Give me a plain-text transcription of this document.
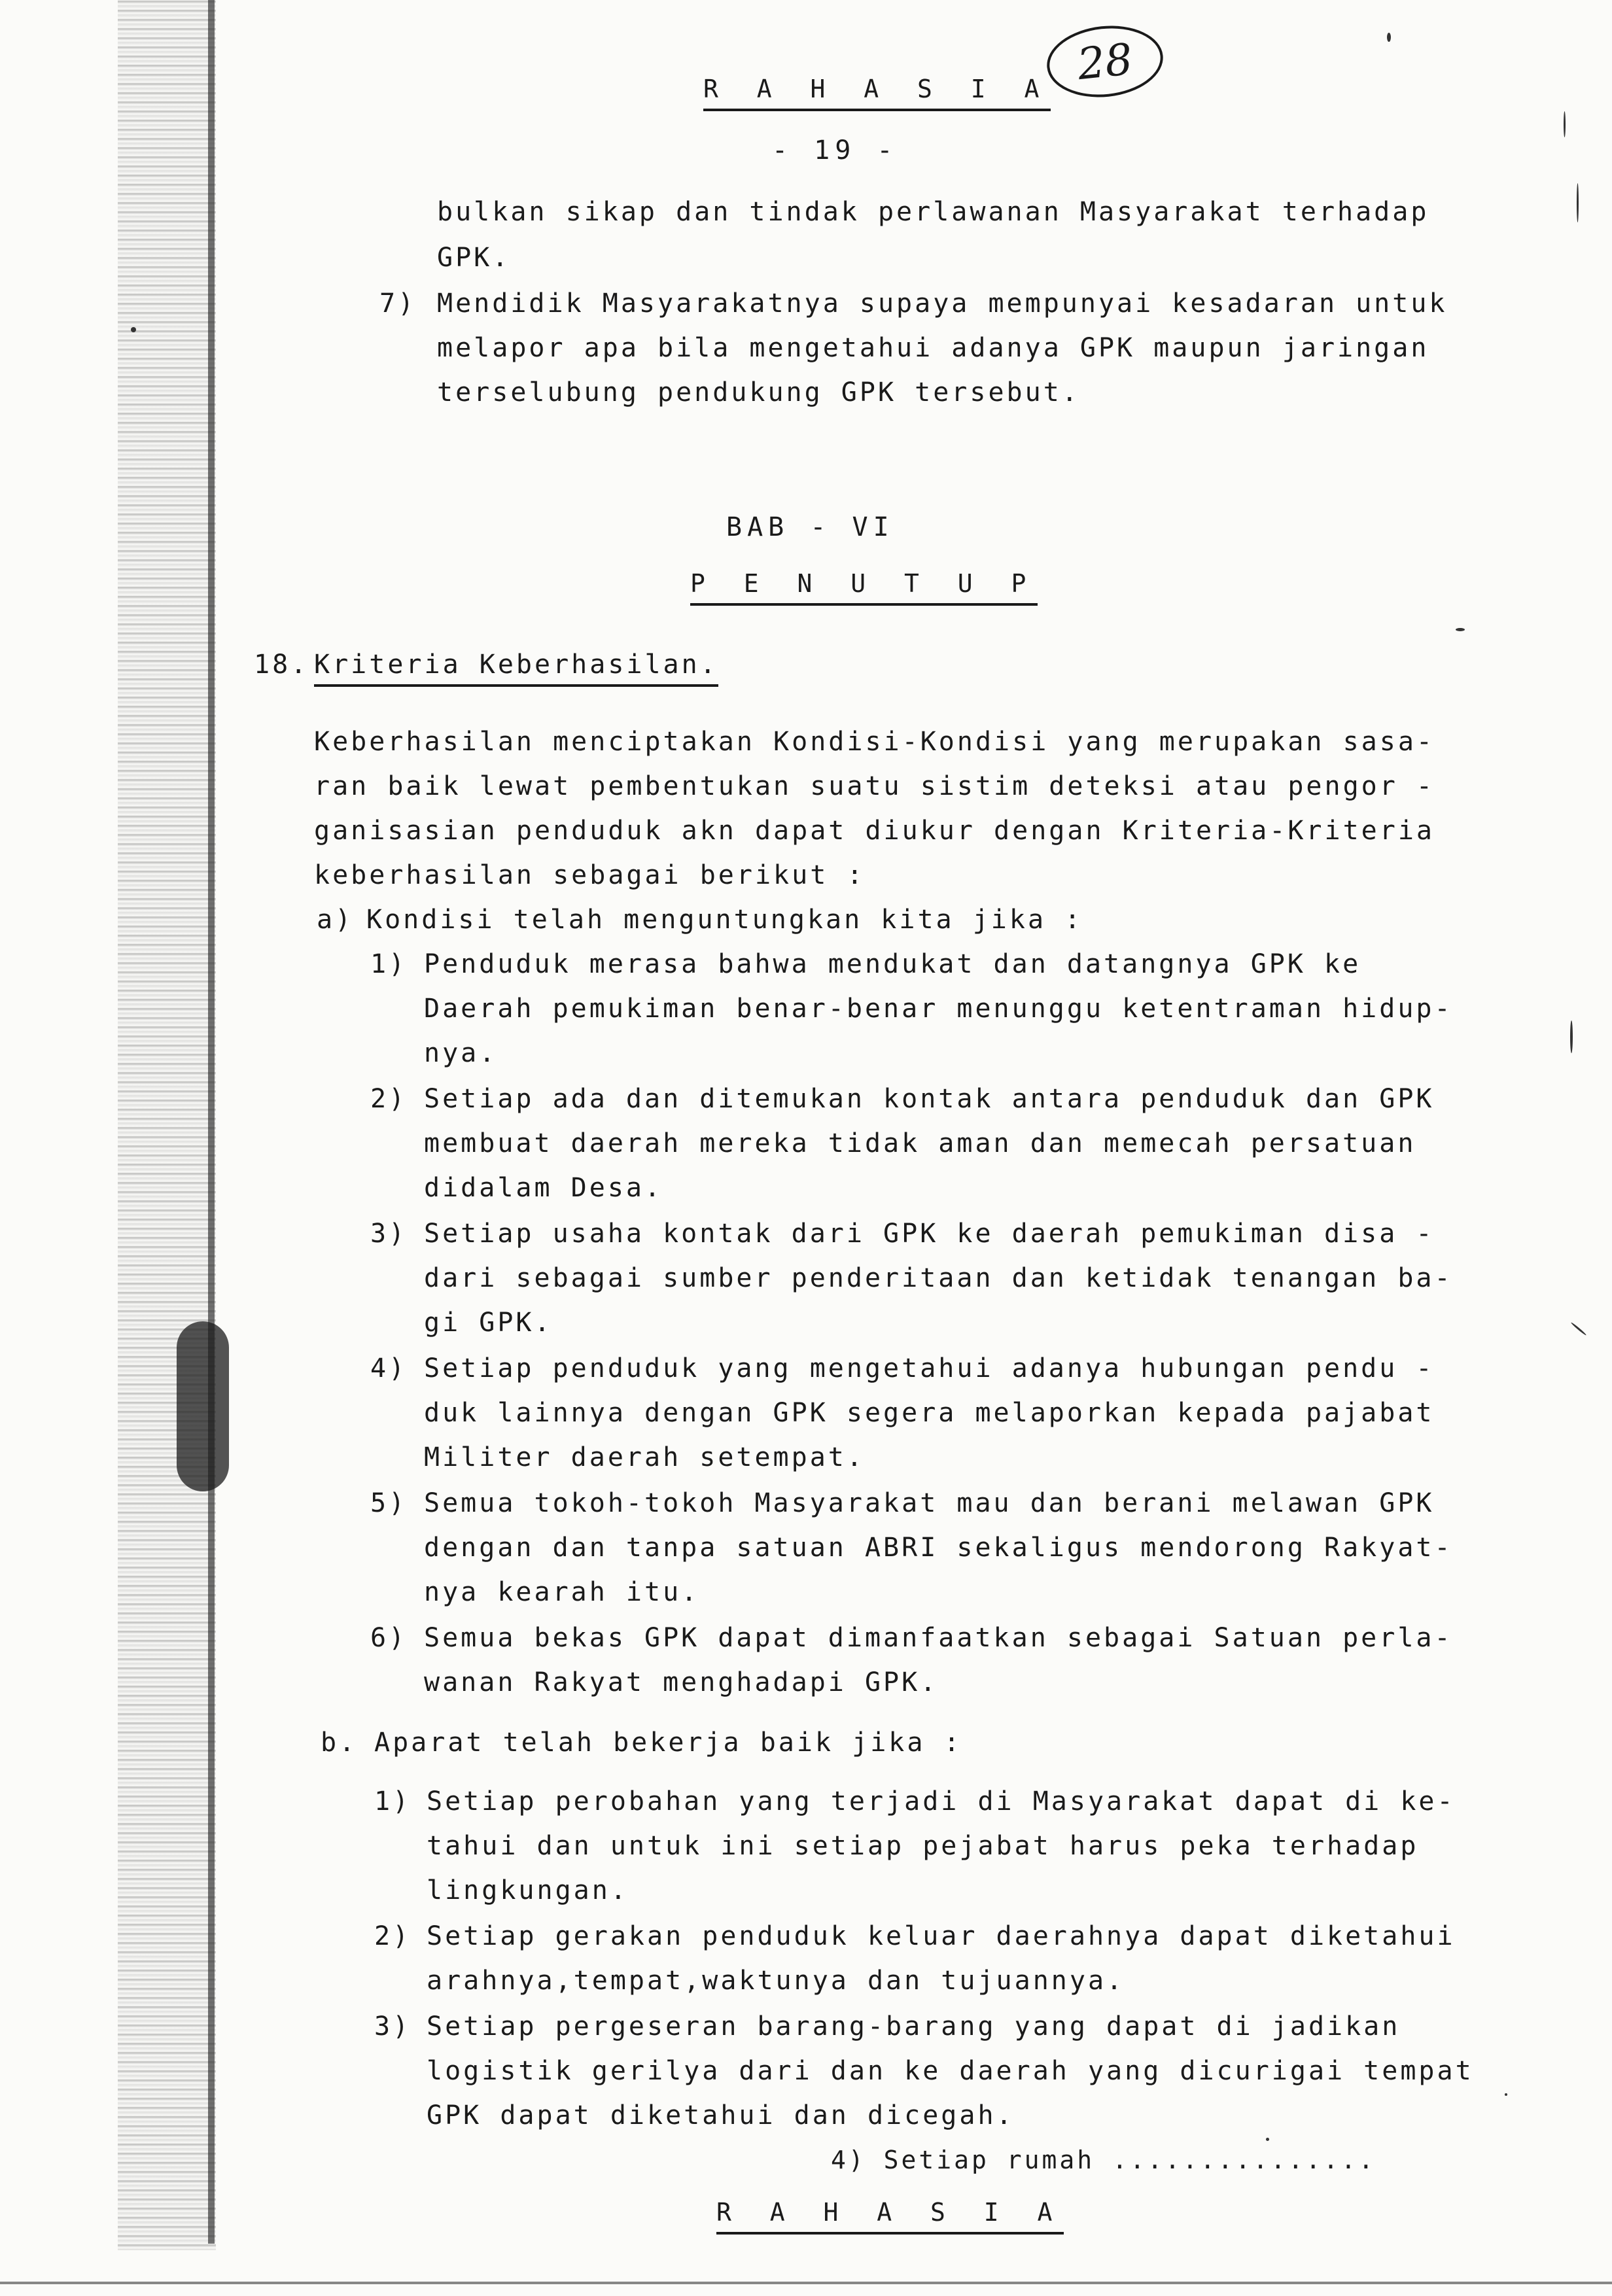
R A H A S I A 28
- 19 -
bulkan sikap dan tindak perlawanan Masyarakat terhadap
GPK.
7) Mendidik Masyarakatnya supaya mempunyai kesadaran untuk
melapor apa bila mengetahui adanya GPK maupun jaringan
terselubung pendukung GPK tersebut.
BAB - VI
P E N U T U P
18. Kriteria Keberhasilan.
Keberhasilan menciptakan Kondisi-Kondisi yang merupakan sasa-
ran baik lewat pembentukan suatu sistim deteksi atau pengor -
ganisasian penduduk akn dapat diukur dengan Kriteria-Kriteria
keberhasilan sebagai berikut :
a) Kondisi telah menguntungkan kita jika :
1) Penduduk merasa bahwa mendukat dan datangnya GPK ke
Daerah pemukiman benar-benar menunggu ketentraman hidup-
nya.
2) Setiap ada dan ditemukan kontak antara penduduk dan GPK
membuat daerah mereka tidak aman dan memecah persatuan
didalam Desa.
3) Setiap usaha kontak dari GPK ke daerah pemukiman disa -
dari sebagai sumber penderitaan dan ketidak tenangan ba-
gi GPK.
4) Setiap penduduk yang mengetahui adanya hubungan pendu -
duk lainnya dengan GPK segera melaporkan kepada pajabat
Militer daerah setempat.
5) Semua tokoh-tokoh Masyarakat mau dan berani melawan GPK
dengan dan tanpa satuan ABRI sekaligus mendorong Rakyat-
nya kearah itu.
6) Semua bekas GPK dapat dimanfaatkan sebagai Satuan perla-
wanan Rakyat menghadapi GPK.
b. Aparat telah bekerja baik jika :
1) Setiap perobahan yang terjadi di Masyarakat dapat di ke-
tahui dan untuk ini setiap pejabat harus peka terhadap
lingkungan.
2) Setiap gerakan penduduk keluar daerahnya dapat diketahui
arahnya,tempat,waktunya dan tujuannya.
3) Setiap pergeseran barang-barang yang dapat di jadikan
logistik gerilya dari dan ke daerah yang dicurigai tempat
GPK dapat diketahui dan dicegah.
4) Setiap rumah ...............
R A H A S I A
